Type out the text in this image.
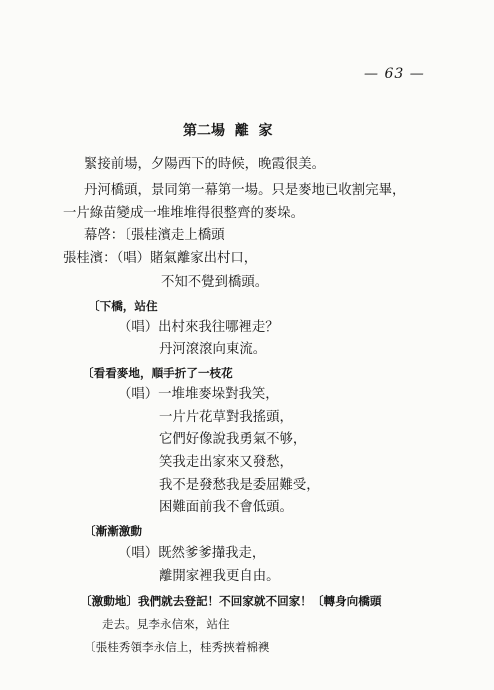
— 63 —
第二場  離  家
緊接前場，夕陽西下的時候，晚霞很美。
丹河橋頭，景同第一幕第一場。只是麥地已收割完畢，
一片綠苗變成一堆堆堆得很整齊的麥垛。
幕啓：〔張桂濱走上橋頭
張桂濱：（唱）賭氣離家出村口，
不知不覺到橋頭。
〔下橋，站住
（唱）出村來我往哪裡走？
丹河滾滾向東流。
〔看看麥地，順手折了一枝花
（唱）一堆堆麥垛對我笑，
一片片花草對我搖頭，
它們好像說我勇氣不够，
笑我走出家來又發愁，
我不是發愁我是委屈難受，
困難面前我不會低頭。
〔漸漸激動
（唱）既然爹爹攆我走，
離開家裡我更自由。
〔激動地〕我們就去登記！不回家就不回家！〔轉身向橋頭
走去。見李永信來，站住
〔張桂秀領李永信上，桂秀挾着棉襖
